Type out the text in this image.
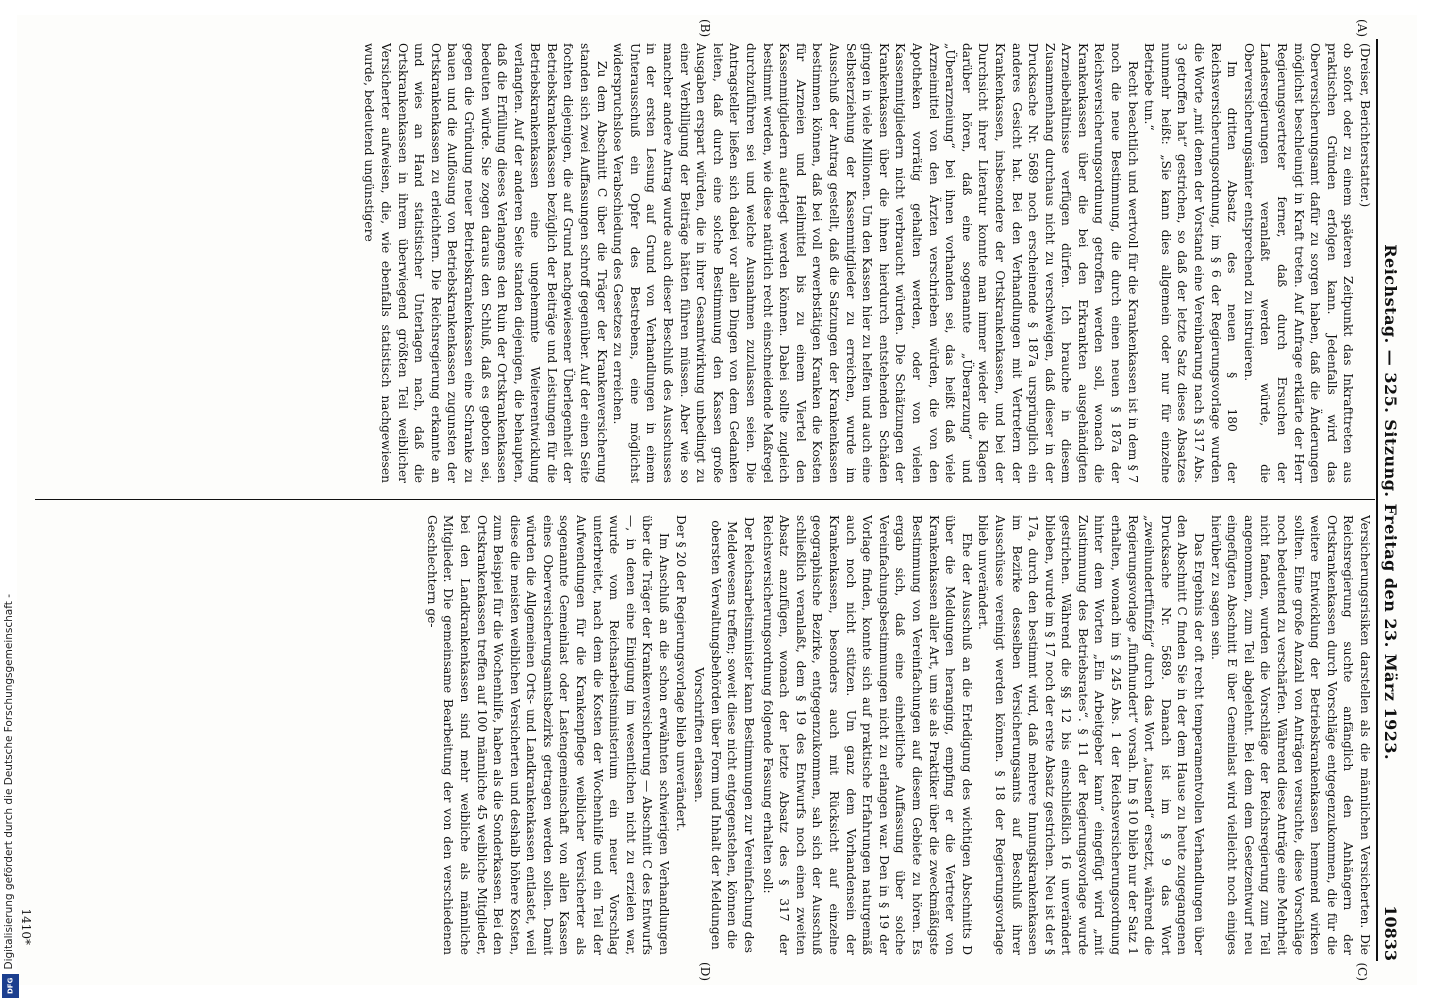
Reichstag. — 325. Sitzung. Freitag den 23. März 1923.
10833
(A)
(B)
(C)
(D)

(Dreiser, Berichterstatter.)

ob sofort oder zu einem späteren Zeitpunkt das Inkrafttreten aus praktischen Gründen erfolgen kann. Jedenfalls wird das Oberversicherungsamt dafür zu sorgen haben, daß die Änderungen möglichst beschleunigt in Kraft treten. Auf Anfrage erklärte der Herr Regierungsvertreter ferner, daß durch Ersuchen der Landesregierungen veranlaßt werden würde, die Oberversicherungsämter entsprechend zu instruieren.

Im dritten Absatz des neuen § 180 der Reichsversicherungsordnung, im § 6 der Regierungsvorlage wurden die Worte „mit denen der Vorstand eine Vereinbarung nach § 317 Abs. 3 getroffen hat“ gestrichen, so daß der letzte Satz dieses Absatzes nunmehr heißt: „Sie kann dies allgemein oder nur für einzelne Betriebe tun.“

Recht beachtlich und wertvoll für die Krankenkassen ist in dem § 7 noch die neue Bestimmung, die durch einen neuen § 187a der Reichsversicherungsordnung getroffen werden soll, wonach die Krankenkassen über die bei den Erkrankten ausgehändigten Arzneibehältnisse verfügen dürfen. Ich brauche in diesem Zusammenhang durchaus nicht zu verschweigen, daß dieser in der Drucksache Nr. 5689 noch erscheinende § 187a ursprünglich ein anderes Gesicht hat. Bei den Verhandlungen mit Vertretern der Krankenkassen, insbesondere der Ortskrankenkassen, und bei der Durchsicht ihrer Literatur konnte man immer wieder die Klagen darüber hören, daß eine sogenannte „Überarzung“ und „Überarzneiung“ bei ihnen vorhanden sei, das heißt daß viele Arzneimittel von den Ärzten verschrieben würden, die von den Apotheken vorrätig gehalten werden, oder von vielen Kassenmitgliedern nicht verbraucht würden. Die Schätzungen der Krankenkassen über die ihnen hierdurch entstehenden Schäden gingen in viele Millionen. Um den Kassen hier zu helfen und auch eine Selbsterziehung der Kassenmitglieder zu erreichen, wurde im Ausschuß der Antrag gestellt, daß die Satzungen der Krankenkassen bestimmen können, daß bei voll erwerbstätigen Kranken die Kosten für Arzneien und Heilmittel bis zu einem Viertel den Kassenmitgliedern auferlegt werden können. Dabei sollte zugleich bestimmt werden, wie diese natürlich recht einschneidende Maßregel durchzuführen sei und welche Ausnahmen zuzulassen seien. Die Antragsteller ließen sich dabei vor allen Dingen von dem Gedanken leiten, daß durch eine solche Bestimmung den Kassen große Ausgaben erspart würden, die in ihrer Gesamtwirkung unbedingt zu einer Verbilligung der Beiträge hätten führen müssen. Aber wie so mancher andere Antrag wurde auch dieser Beschluß des Ausschusses in der ersten Lesung auf Grund von Verhandlungen in einem Unterausschuß ein Opfer des Bestrebens, eine möglichst widerspruchslose Verabschiedung des Gesetzes zu erreichen.

Zu dem Abschnitt C über die Träger der Krankenversicherung standen sich zwei Auffassungen schroff gegenüber. Auf der einen Seite fochten diejenigen, die auf Grund nachgewiesener Überlegenheit der Betriebskrankenkassen bezüglich der Beiträge und Leistungen für die Betriebskrankenkassen eine ungehemmte Weiterentwicklung verlangten. Auf der anderen Seite standen diejenigen, die behaupten, daß die Erfüllung dieses Verlangens den Ruin der Ortskrankenkassen bedeuten würde. Sie zogen daraus den Schluß, daß es geboten sei, gegen die Gründung neuer Betriebskrankenkassen eine Schranke zu bauen und die Auflösung von Betriebskrankenkassen zugunsten der Ortskrankenkassen zu erleichtern. Die Reichsregierung erkannte an und wies an Hand statistischer Unterlagen nach, daß die Ortskrankenkassen in ihrem überwiegend größten Teil weiblicher Versicherter aufweisen, die, wie ebenfalls statistisch nachgewiesen wurde, bedeutend ungünstigere

Versicherungsrisiken darstellen als die männlichen Versicherten. Die Reichsregierung suchte anfänglich den Anhängern der Ortskrankenkassen durch Vorschläge entgegenzukommen, die für die weitere Entwicklung der Betriebskrankenkassen hemmend wirken sollten. Eine große Anzahl von Anträgen versuchte, diese Vorschläge noch bedeutend zu verschärfen. Während diese Anträge eine Mehrheit nicht fanden, wurden die Vorschläge der Reichsregierung zum Teil angenommen, zum Teil abgelehnt. Bei dem dem Gesetzentwurf neu eingefügten Abschnitt E über Gemeinlast wird vielleicht noch einiges hierüber zu sagen sein.

Das Ergebnis der oft recht temperamentvollen Verhandlungen über den Abschnitt C finden Sie in der dem Hause zu heute zugegangenen Drucksache Nr. 5689. Danach ist im § 9 das Wort „zweihundertfünfzig“ durch das Wort „tausend“ ersetzt, während die Regierungsvorlage „fünfhundert“ vorsah. Im § 10 blieb nur der Satz 1 erhalten, wonach im § 245 Abs. 1 der Reichsversicherungsordnung hinter dem Worten „Ein Arbeitgeber kann“ eingefügt wird „mit Zustimmung des Betriebsrates“. § 11 der Regierungsvorlage wurde gestrichen. Während die §§ 12 bis einschließlich 16 unverändert blieben, wurde im § 17 noch der erste Absatz gestrichen. Neu ist der § 17a, durch den bestimmt wird, daß mehrere Innungskrankenkassen im Bezirke desselben Versicherungsamts auf Beschluß ihrer Ausschüsse vereinigt werden können. § 18 der Regierungsvorlage blieb unverändert.

Ehe der Ausschuß an die Erledigung des wichtigen Abschnitts D über die Meldungen heranging, empfing er die Vertreter von Krankenkassen aller Art, um sie als Praktiker über die zweckmäßigste Bestimmung von Vereinfachungen auf diesem Gebiete zu hören. Es ergab sich, daß eine einheitliche Auffassung über solche Vereinfachungsbestimmungen nicht zu erlangen war. Den in § 19 der Vorlage finden, konnte sich auf praktische Erfahrungen naturgemäß auch noch nicht stützen. Um ganz dem Vorhandensein der Krankenkassen, besonders auch mit Rücksicht auf einzelne geographische Bezirke, entgegenzukommen, sah sich der Ausschuß schließlich veranlaßt, dem § 19 des Entwurfs noch einen zweiten Absatz anzufügen, wonach der letzte Absatz des § 317 der Reichsversicherungsordnung folgende Fassung erhalten soll:

Der Reichsarbeitsminister kann Bestimmungen zur Vereinfachung des Meldewesens treffen; soweit diese nicht entgegenstehen, können die obersten Verwaltungsbehörden über Form und Inhalt der Meldungen Vorschriften erlassen.

Der § 20 der Regierungsvorlage blieb unverändert.

Im Anschluß an die schon erwähnten schwierigen Verhandlungen über die Träger der Krankenversicherung — Abschnitt C des Entwurfs —, in denen eine Einigung im wesentlichen nicht zu erzielen war, wurde vom Reichsarbeitsministerium ein neuer Vorschlag unterbreitet, nach dem die Kosten der Wochenhilfe und ein Teil der Aufwendungen für die Krankenpflege weiblicher Versicherter als sogenannte Gemeinlast oder Lastengemeinschaft von allen Kassen eines Oberversicherungsamtsbezirks getragen werden sollen. Damit würden die Allgemeinen Orts- und Landkrankenkassen entlastet, weil diese die meisten weiblichen Versicherten und deshalb höhere Kosten, zum Beispiel für die Wochenhilfe, haben als die Sonderkassen. Bei den Ortskrankenkassen treffen auf 100 männliche 45 weibliche Mitglieder, bei den Landkrankenkassen sind mehr weibliche als männliche Mitglieder. Die gemeinsame Bearbeitung der von den verschiedenen Geschlechtern ge-

1410*
Digitalisierung gefördert durch die Deutsche Forschungsgemeinschaft -
DFG
